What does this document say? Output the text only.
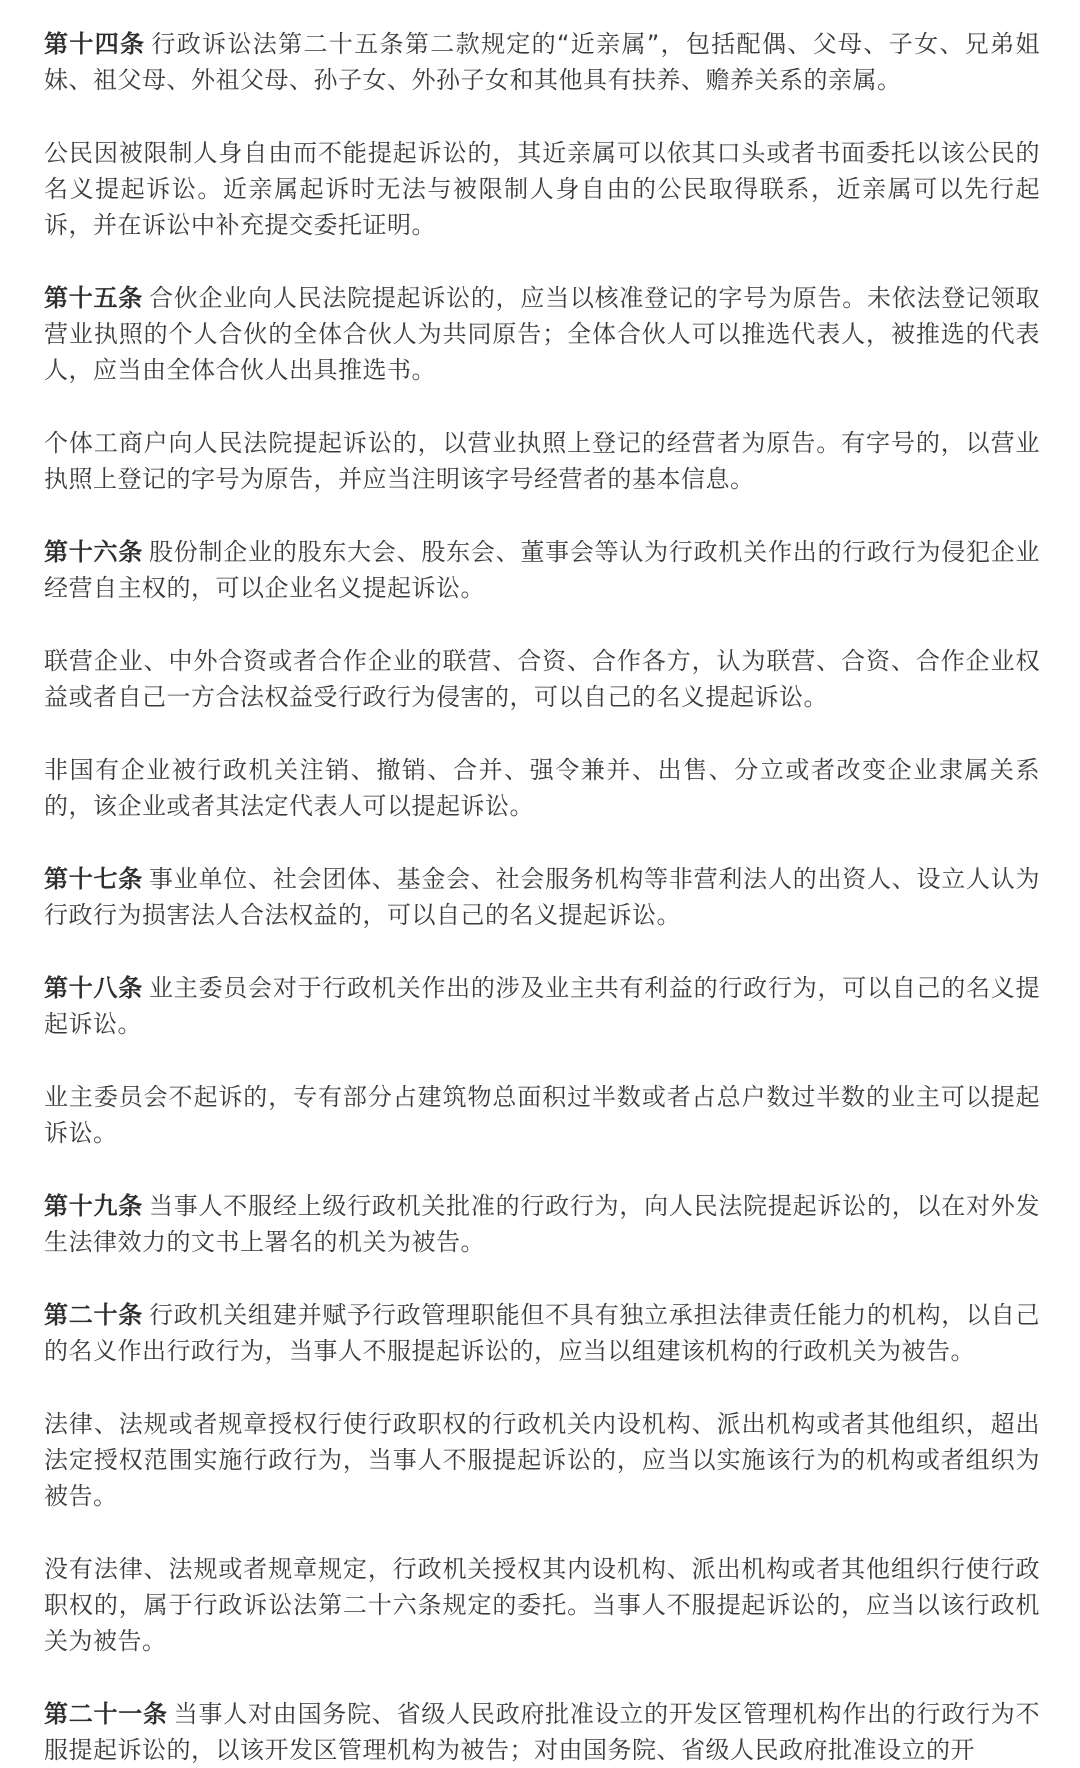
第十四条 行政诉讼法第二十五条第二款规定的“近亲属”，包括配偶、父母、子女、兄弟姐妹、祖父母、外祖父母、孙子女、外孙子女和其他具有扶养、赡养关系的亲属。

公民因被限制人身自由而不能提起诉讼的，其近亲属可以依其口头或者书面委托以该公民的名义提起诉讼。近亲属起诉时无法与被限制人身自由的公民取得联系，近亲属可以先行起诉，并在诉讼中补充提交委托证明。

第十五条 合伙企业向人民法院提起诉讼的，应当以核准登记的字号为原告。未依法登记领取营业执照的个人合伙的全体合伙人为共同原告；全体合伙人可以推选代表人，被推选的代表人，应当由全体合伙人出具推选书。

个体工商户向人民法院提起诉讼的，以营业执照上登记的经营者为原告。有字号的，以营业执照上登记的字号为原告，并应当注明该字号经营者的基本信息。

第十六条 股份制企业的股东大会、股东会、董事会等认为行政机关作出的行政行为侵犯企业经营自主权的，可以企业名义提起诉讼。

联营企业、中外合资或者合作企业的联营、合资、合作各方，认为联营、合资、合作企业权益或者自己一方合法权益受行政行为侵害的，可以自己的名义提起诉讼。

非国有企业被行政机关注销、撤销、合并、强令兼并、出售、分立或者改变企业隶属关系的，该企业或者其法定代表人可以提起诉讼。

第十七条 事业单位、社会团体、基金会、社会服务机构等非营利法人的出资人、设立人认为行政行为损害法人合法权益的，可以自己的名义提起诉讼。

第十八条 业主委员会对于行政机关作出的涉及业主共有利益的行政行为，可以自己的名义提起诉讼。

业主委员会不起诉的，专有部分占建筑物总面积过半数或者占总户数过半数的业主可以提起诉讼。

第十九条 当事人不服经上级行政机关批准的行政行为，向人民法院提起诉讼的，以在对外发生法律效力的文书上署名的机关为被告。

第二十条 行政机关组建并赋予行政管理职能但不具有独立承担法律责任能力的机构，以自己的名义作出行政行为，当事人不服提起诉讼的，应当以组建该机构的行政机关为被告。

法律、法规或者规章授权行使行政职权的行政机关内设机构、派出机构或者其他组织，超出法定授权范围实施行政行为，当事人不服提起诉讼的，应当以实施该行为的机构或者组织为被告。

没有法律、法规或者规章规定，行政机关授权其内设机构、派出机构或者其他组织行使行政职权的，属于行政诉讼法第二十六条规定的委托。当事人不服提起诉讼的，应当以该行政机关为被告。

第二十一条 当事人对由国务院、省级人民政府批准设立的开发区管理机构作出的行政行为不服提起诉讼的，以该开发区管理机构为被告；对由国务院、省级人民政府批准设立的开
